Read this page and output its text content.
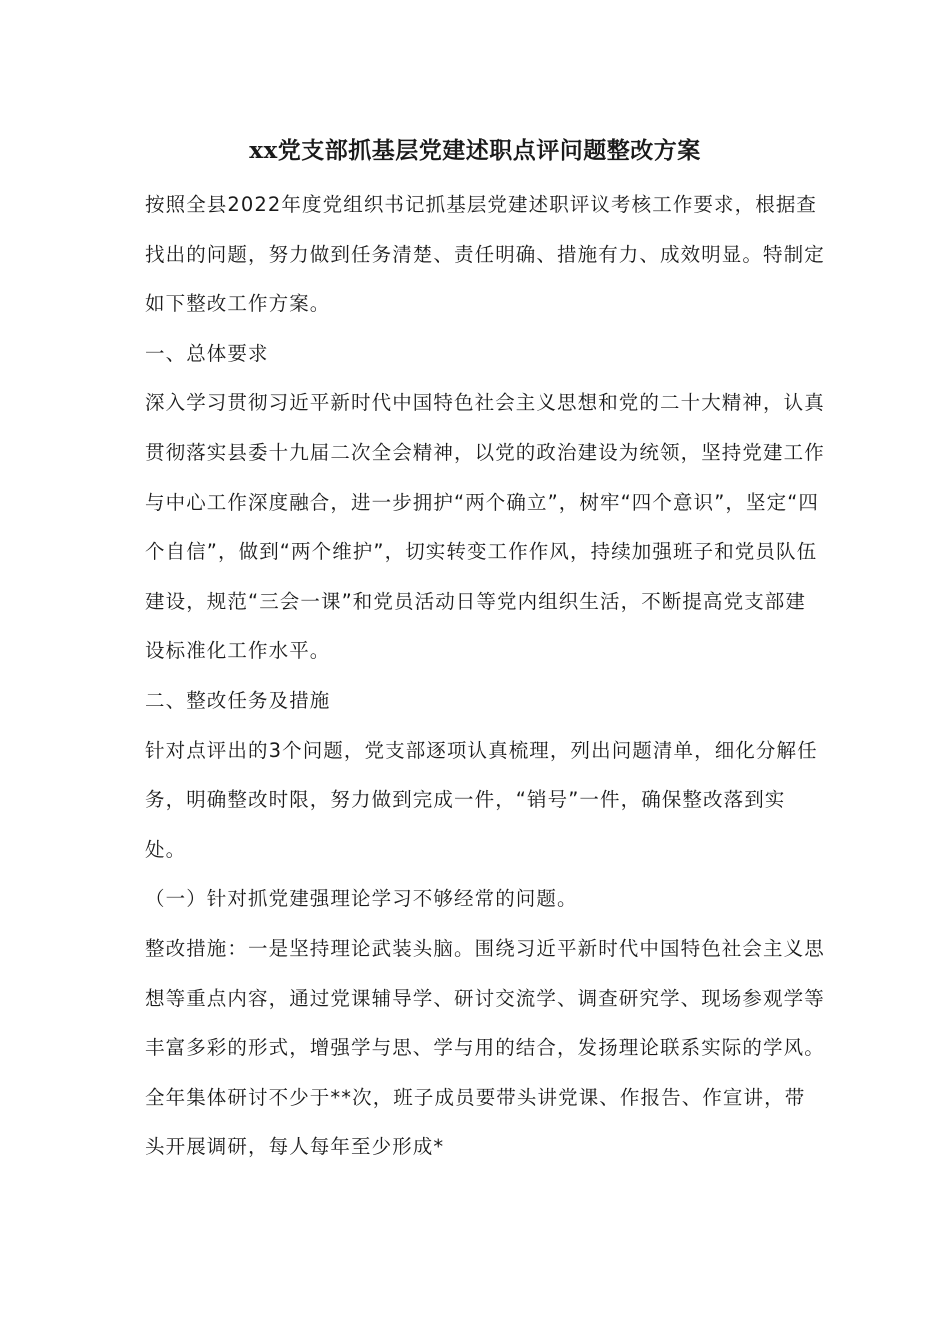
xx党支部抓基层党建述职点评问题整改方案

按照全县2022年度党组织书记抓基层党建述职评议考核工作要求，根据查找出的问题，努力做到任务清楚、责任明确、措施有力、成效明显。特制定如下整改工作方案。

一、总体要求

深入学习贯彻习近平新时代中国特色社会主义思想和党的二十大精神，认真贯彻落实县委十九届二次全会精神，以党的政治建设为统领，坚持党建工作与中心工作深度融合，进一步拥护“两个确立”，树牢“四个意识”，坚定“四个自信”，做到“两个维护”，切实转变工作作风，持续加强班子和党员队伍建设，规范“三会一课”和党员活动日等党内组织生活，不断提高党支部建设标准化工作水平。

二、整改任务及措施

针对点评出的3个问题，党支部逐项认真梳理，列出问题清单，细化分解任务，明确整改时限，努力做到完成一件，“销号”一件，确保整改落到实处。

（一）针对抓党建强理论学习不够经常的问题。

整改措施：一是坚持理论武装头脑。围绕习近平新时代中国特色社会主义思想等重点内容，通过党课辅导学、研讨交流学、调查研究学、现场参观学等丰富多彩的形式，增强学与思、学与用的结合，发扬理论联系实际的学风。全年集体研讨不少于**次，班子成员要带头讲党课、作报告、作宣讲，带头开展调研，每人每年至少形成*
